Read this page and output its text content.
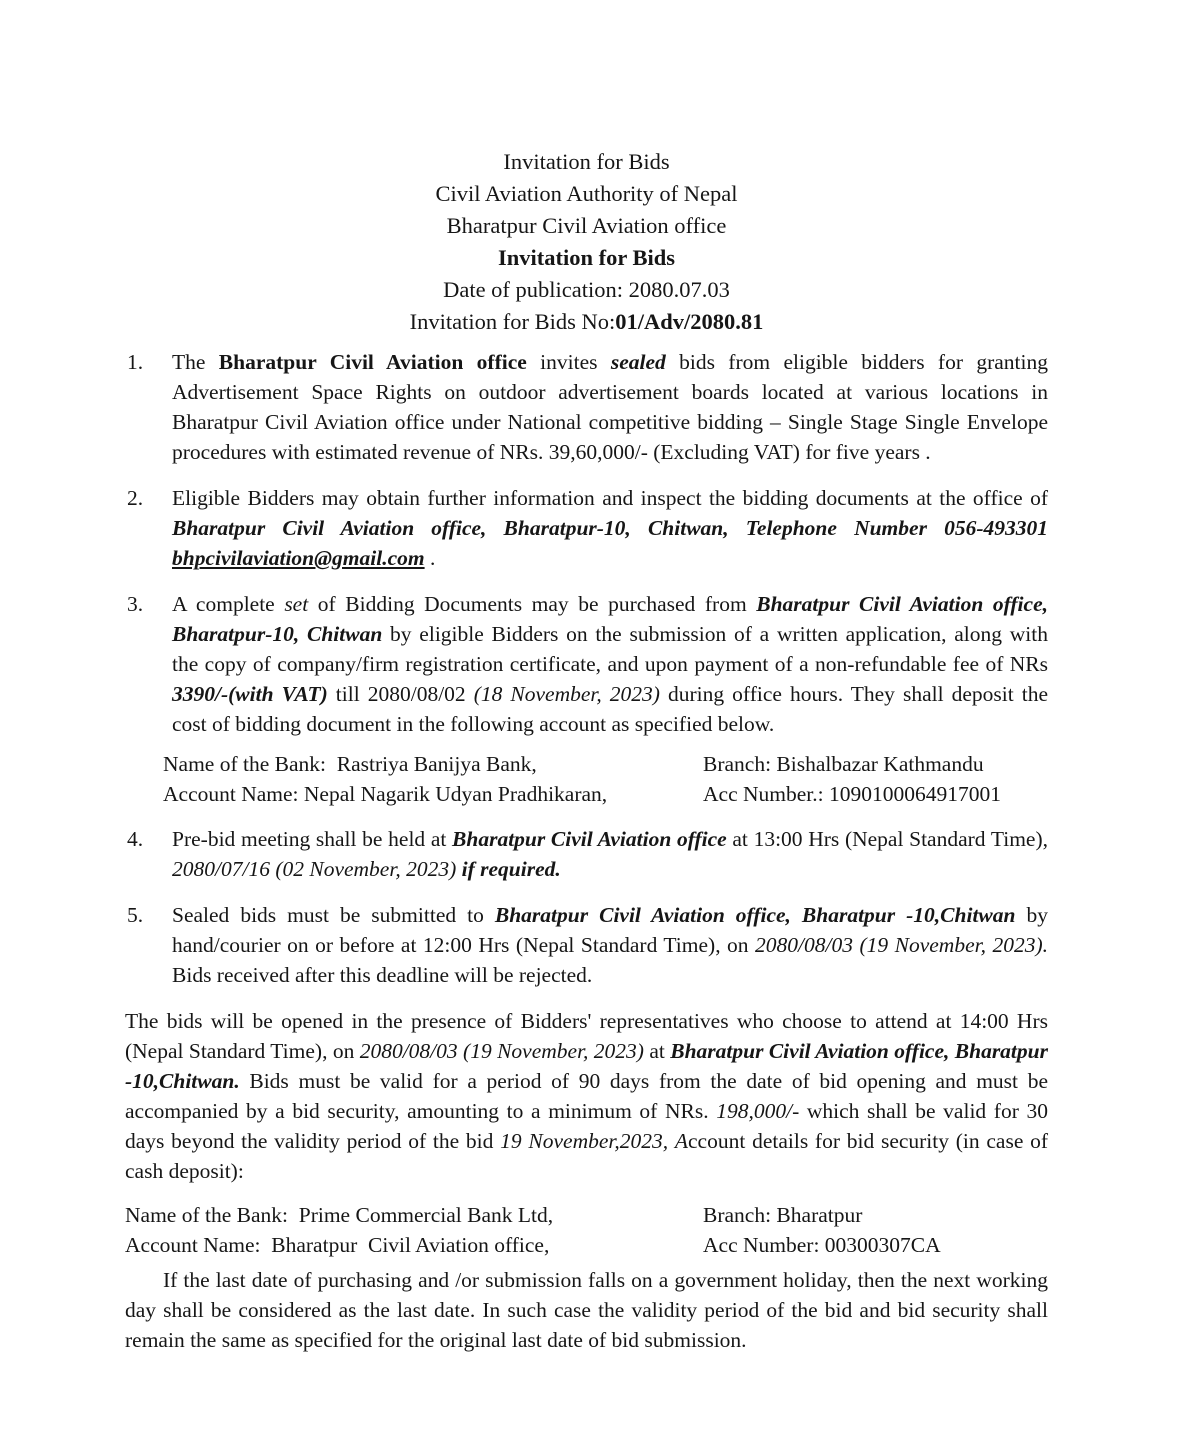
Invitation for Bids
Civil Aviation Authority of Nepal
Bharatpur Civil Aviation office
Invitation for Bids
Date of publication: 2080.07.03
Invitation for Bids No:01/Adv/2080.81
1. The Bharatpur Civil Aviation office invites sealed bids from eligible bidders for granting Advertisement Space Rights on outdoor advertisement boards located at various locations in Bharatpur Civil Aviation office under National competitive bidding – Single Stage Single Envelope procedures with estimated revenue of NRs. 39,60,000/- (Excluding VAT) for five years .

2. Eligible Bidders may obtain further information and inspect the bidding documents at the office of Bharatpur Civil Aviation office, Bharatpur-10, Chitwan, Telephone Number 056-493301 bhpcivilaviation@gmail.com .

3. A complete set of Bidding Documents may be purchased from Bharatpur Civil Aviation office, Bharatpur-10, Chitwan by eligible Bidders on the submission of a written application, along with the copy of company/firm registration certificate, and upon payment of a non-refundable fee of NRs 3390/-(with VAT) till 2080/08/02 (18 November, 2023) during office hours. They shall deposit the cost of bidding document in the following account as specified below.

Name of the Bank:  Rastriya Banijya Bank,	Branch: Bishalbazar Kathmandu
Account Name: Nepal Nagarik Udyan Pradhikaran,	Acc Number.: 1090100064917001
4. Pre-bid meeting shall be held at Bharatpur Civil Aviation office at 13:00 Hrs (Nepal Standard Time), 2080/07/16 (02 November, 2023) if required.

5. Sealed bids must be submitted to Bharatpur Civil Aviation office, Bharatpur -10,Chitwan by hand/courier on or before at 12:00 Hrs (Nepal Standard Time), on 2080/08/03 (19 November, 2023). Bids received after this deadline will be rejected.

The bids will be opened in the presence of Bidders' representatives who choose to attend at 14:00 Hrs (Nepal Standard Time), on 2080/08/03 (19 November, 2023) at Bharatpur Civil Aviation office, Bharatpur -10,Chitwan. Bids must be valid for a period of 90 days from the date of bid opening and must be accompanied by a bid security, amounting to a minimum of NRs. 198,000/- which shall be valid for 30 days beyond the validity period of the bid 19 November,2023, Account details for bid security (in case of cash deposit):

Name of the Bank:  Prime Commercial Bank Ltd,	Branch: Bharatpur
Account Name:  Bharatpur  Civil Aviation office,	Acc Number: 00300307CA

If the last date of purchasing and /or submission falls on a government holiday, then the next working day shall be considered as the last date. In such case the validity period of the bid and bid security shall remain the same as specified for the original last date of bid submission.
